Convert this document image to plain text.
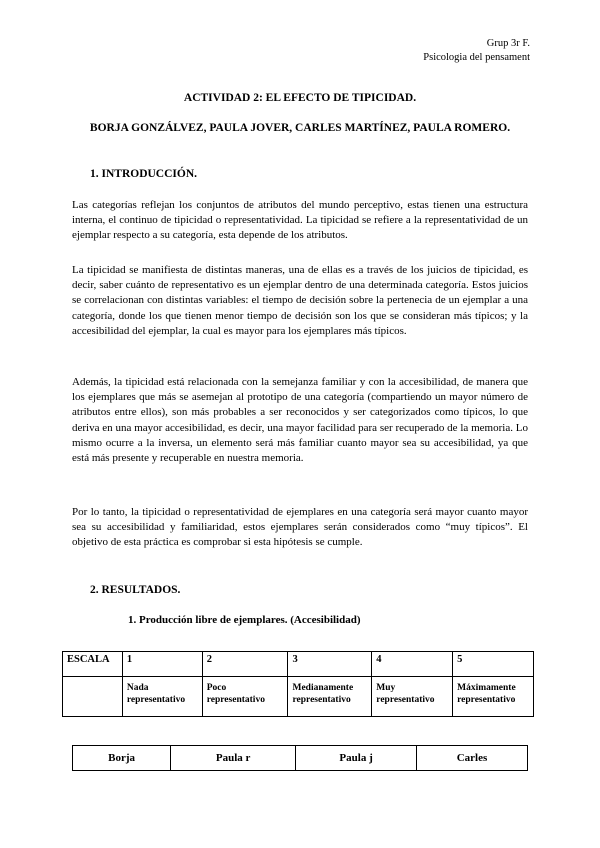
Grup 3r F.
Psicologia del pensament
ACTIVIDAD 2: EL EFECTO DE TIPICIDAD.
BORJA GONZÁLVEZ, PAULA JOVER, CARLES MARTÍNEZ, PAULA ROMERO.
1. INTRODUCCIÓN.

Las categorías reflejan los conjuntos de atributos del mundo perceptivo, estas tienen una estructura interna, el continuo de tipicidad o representatividad. La tipicidad se refiere a la representatividad de un ejemplar respecto a su categoría, esta depende de los atributos.

La tipicidad se manifiesta de distintas maneras, una de ellas es a través de los juicios de tipicidad, es decir, saber cuánto de representativo es un ejemplar dentro de una determinada categoría. Estos juicios se correlacionan con distintas variables: el tiempo de decisión sobre la pertenecia de un ejemplar a una categoría, donde los que tienen menor tiempo de decisión son los que se consideran más típicos; y la accesibilidad del ejemplar, la cual es mayor para los ejemplares más típicos.

Además, la tipicidad está relacionada con la semejanza familiar y con la accesibilidad, de manera que los ejemplares que más se asemejan al prototipo de una categoría (compartiendo un mayor número de atributos entre ellos), son más probables a ser reconocidos y ser categorizados como típicos, lo que deriva en una mayor accesibilidad, es decir, una mayor facilidad para ser recuperado de la memoria. Lo mismo ocurre a la inversa, un elemento será más familiar cuanto mayor sea su accesibilidad, ya que está más presente y recuperable en nuestra memoria.

Por lo tanto, la tipicidad o representatividad de ejemplares en una categoría será mayor cuanto mayor sea su accesibilidad y familiaridad, estos ejemplares serán considerados como “muy típicos”. El objetivo de esta práctica es comprobar si esta hipótesis se cumple.

2. RESULTADOS.
1. Producción libre de ejemplares. (Accesibilidad)
ESCALA	1	2	3	4	5
	Nada representativo	Poco representativo	Medianamente representativo	Muy representativo	Máximamente representativo
Borja	Paula r	Paula j	Carles
